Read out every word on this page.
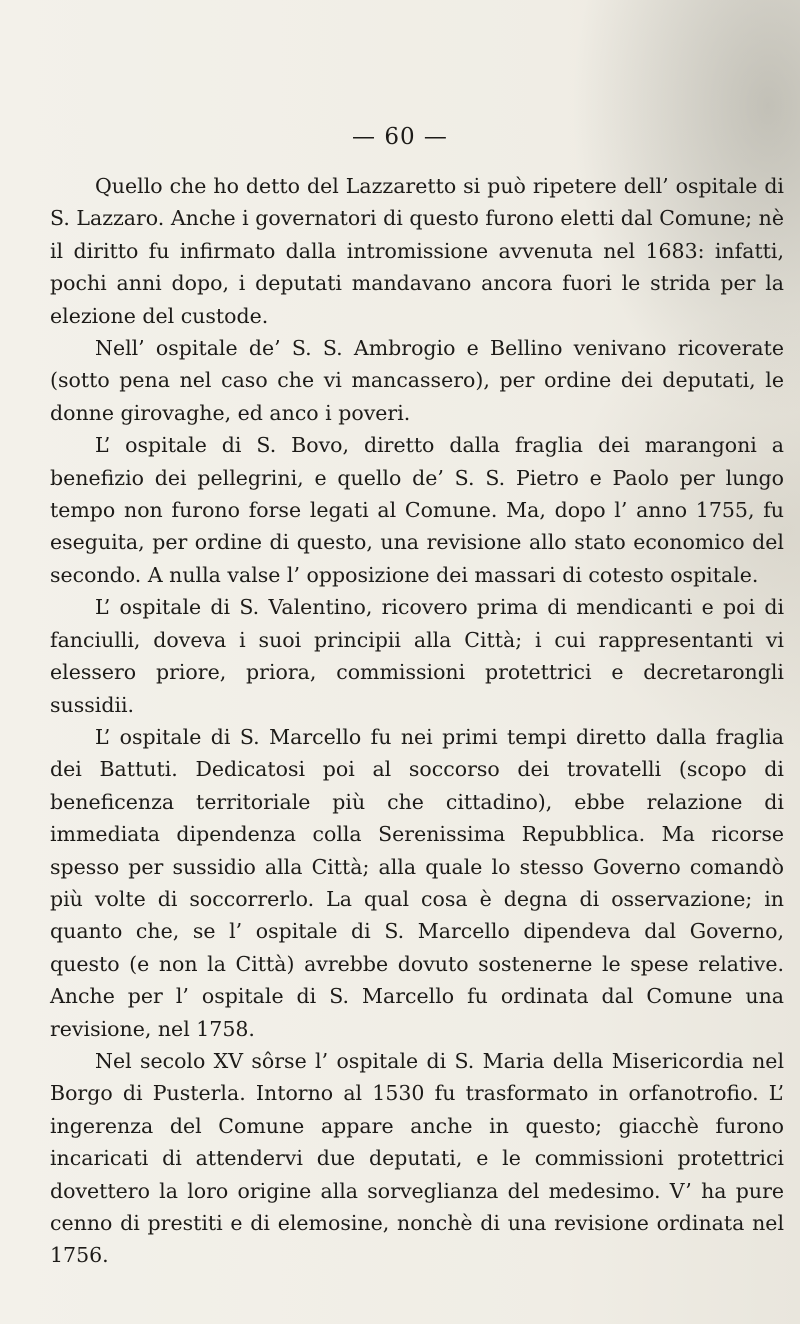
— 60 —

Quello che ho detto del Lazzaretto si può ripetere dell’ ospitale di S. Lazzaro. Anche i governatori di questo furono eletti dal Comune; nè il diritto fu infirmato dalla intromissione avvenuta nel 1683: infatti, pochi anni dopo, i deputati mandavano ancora fuori le strida per la elezione del custode.

Nell’ ospitale de’ S. S. Ambrogio e Bellino venivano ricoverate (sotto pena nel caso che vi mancassero), per ordine dei deputati, le donne girovaghe, ed anco i poveri.

L’ ospitale di S. Bovo, diretto dalla fraglia dei marangoni a benefizio dei pellegrini, e quello de’ S. S. Pietro e Paolo per lungo tempo non furono forse legati al Comune. Ma, dopo l’ anno 1755, fu eseguita, per ordine di questo, una revisione allo stato economico del secondo. A nulla valse l’ opposizione dei massari di cotesto ospitale.

L’ ospitale di S. Valentino, ricovero prima di mendicanti e poi di fanciulli, doveva i suoi principii alla Città; i cui rappresentanti vi elessero priore, priora, commissioni protettrici e decretarongli sussidii.

L’ ospitale di S. Marcello fu nei primi tempi diretto dalla fraglia dei Battuti. Dedicatosi poi al soccorso dei trovatelli (scopo di beneficenza territoriale più che cittadino), ebbe relazione di immediata dipendenza colla Serenissima Repubblica. Ma ricorse spesso per sussidio alla Città; alla quale lo stesso Governo comandò più volte di soccorrerlo. La qual cosa è degna di osservazione; in quanto che, se l’ ospitale di S. Marcello dipendeva dal Governo, questo (e non la Città) avrebbe dovuto sostenerne le spese relative. Anche per l’ ospitale di S. Marcello fu ordinata dal Comune una revisione, nel 1758.

Nel secolo XV sôrse l’ ospitale di S. Maria della Misericordia nel Borgo di Pusterla. Intorno al 1530 fu trasformato in orfanotrofio. L’ ingerenza del Comune appare anche in questo; giacchè furono incaricati di attendervi due deputati, e le commissioni protettrici dovettero la loro origine alla sorveglianza del medesimo. V’ ha pure cenno di prestiti e di elemosine, nonchè di una revisione ordinata nel 1756.
